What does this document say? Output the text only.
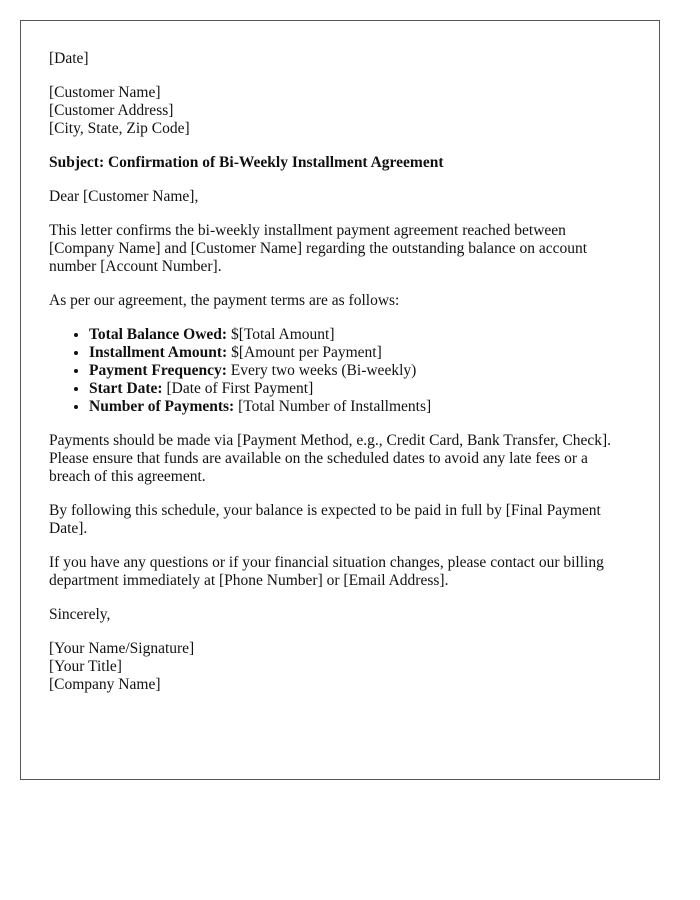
[Date]

[Customer Name]
[Customer Address]
[City, State, Zip Code]

Subject: Confirmation of Bi-Weekly Installment Agreement

Dear [Customer Name],

This letter confirms the bi-weekly installment payment agreement reached between [Company Name] and [Customer Name] regarding the outstanding balance on account number [Account Number].

As per our agreement, the payment terms are as follows:

• Total Balance Owed: $[Total Amount]
• Installment Amount: $[Amount per Payment]
• Payment Frequency: Every two weeks (Bi-weekly)
• Start Date: [Date of First Payment]
• Number of Payments: [Total Number of Installments]

Payments should be made via [Payment Method, e.g., Credit Card, Bank Transfer, Check]. Please ensure that funds are available on the scheduled dates to avoid any late fees or a breach of this agreement.

By following this schedule, your balance is expected to be paid in full by [Final Payment Date].

If you have any questions or if your financial situation changes, please contact our billing department immediately at [Phone Number] or [Email Address].

Sincerely,

[Your Name/Signature]
[Your Title]
[Company Name]
